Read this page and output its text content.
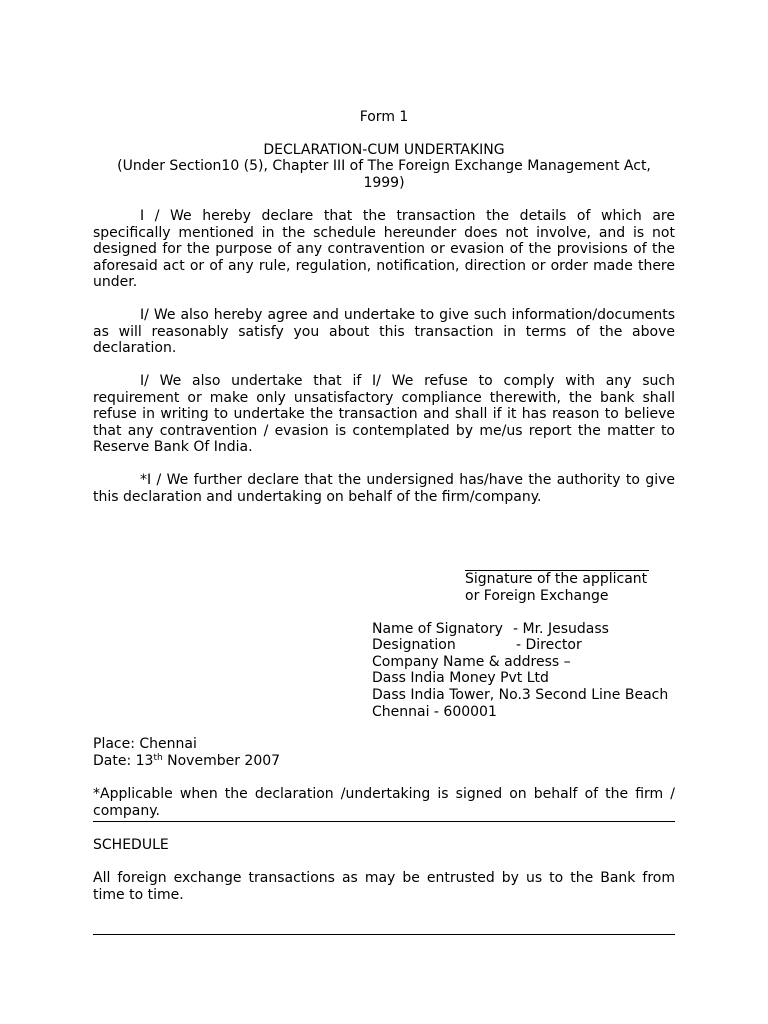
Form 1
DECLARATION-CUM UNDERTAKING
(Under Section10 (5), Chapter III of The Foreign Exchange Management Act,
1999)

I / We hereby declare that the transaction the details of which are specifically mentioned in the schedule hereunder does not involve, and is not designed for the purpose of any contravention or evasion of the provisions of the aforesaid act or of any rule, regulation, notification, direction or order made there under.

I/ We also hereby agree and undertake to give such information/documents as will reasonably satisfy you about this transaction in terms of the above declaration.

I/ We also undertake that if I/ We refuse to comply with any such requirement or make only unsatisfactory compliance therewith, the bank shall refuse in writing to undertake the transaction and shall if it has reason to believe that any contravention / evasion is contemplated by me/us report the matter to Reserve Bank Of India.

*I / We further declare that the undersigned has/have the authority to give this declaration and undertaking on behalf of the firm/company.

Signature of the applicant
or Foreign Exchange
Name of Signatory - Mr. Jesudass
Designation	- Director
Company Name & address –
Dass India Money Pvt Ltd
Dass India Tower, No.3 Second Line Beach
Chennai - 600001
Place: Chennai
Date: 13th November 2007

*Applicable when the declaration /undertaking is signed on behalf of the firm / company.

SCHEDULE

All foreign exchange transactions as may be entrusted by us to the Bank from time to time.
